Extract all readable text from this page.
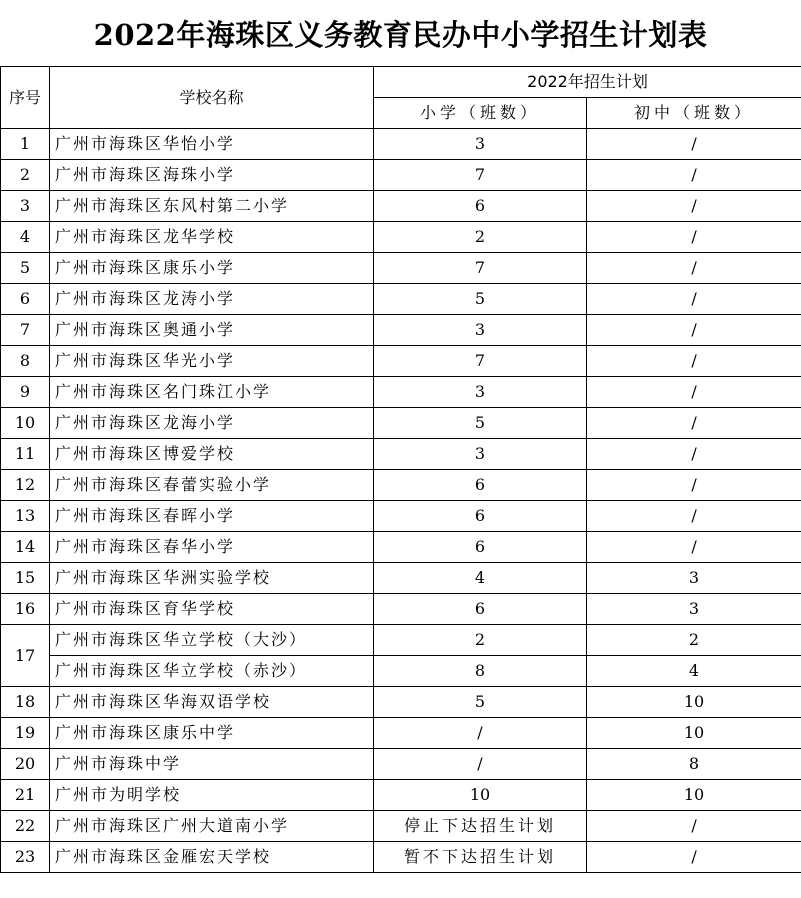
2022年海珠区义务教育民办中小学招生计划表
序号	学校名称	2022年招生计划	
		小学（班数）	初中（班数）
1	广州市海珠区华怡小学	3	/
2	广州市海珠区海珠小学	7	/
3	广州市海珠区东风村第二小学	6	/
4	广州市海珠区龙华学校	2	/
5	广州市海珠区康乐小学	7	/
6	广州市海珠区龙涛小学	5	/
7	广州市海珠区奥通小学	3	/
8	广州市海珠区华光小学	7	/
9	广州市海珠区名门珠江小学	3	/
10	广州市海珠区龙海小学	5	/
11	广州市海珠区博爱学校	3	/
12	广州市海珠区春蕾实验小学	6	/
13	广州市海珠区春晖小学	6	/
14	广州市海珠区春华小学	6	/
15	广州市海珠区华洲实验学校	4	3
16	广州市海珠区育华学校	6	3
17	广州市海珠区华立学校（大沙）	2	2
	广州市海珠区华立学校（赤沙）	8	4
18	广州市海珠区华海双语学校	5	10
19	广州市海珠区康乐中学	/	10
20	广州市海珠中学	/	8
21	广州市为明学校	10	10
22	广州市海珠区广州大道南小学	停止下达招生计划	/
23	广州市海珠区金雁宏天学校	暂不下达招生计划	/
